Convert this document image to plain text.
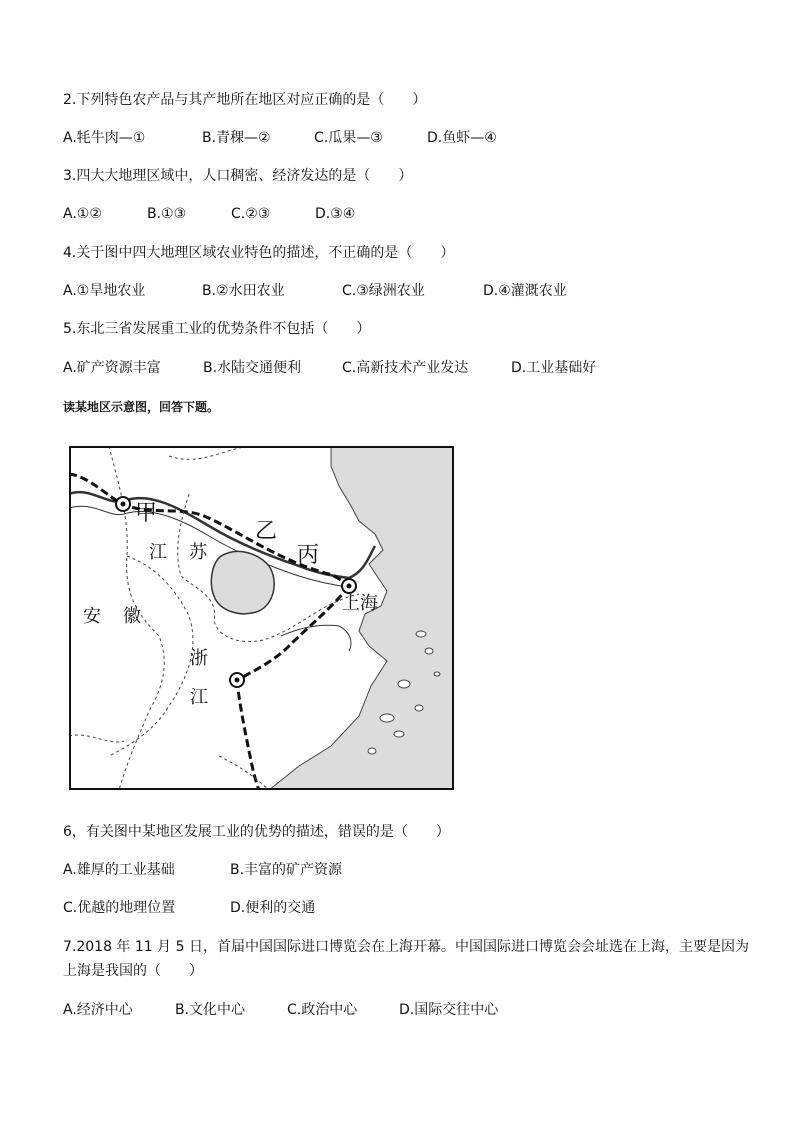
2.下列特色农产品与其产地所在地区对应正确的是（　　）
A.牦牛肉—①	B.青稞—②	C.瓜果—③	D.鱼虾—④
3.四大大地理区域中，人口稠密、经济发达的是（　　）
A.①②	B.①③	C.②③	D.③④
4.关于图中四大地理区域农业特色的描述，不正确的是（　　）
A.①旱地农业	B.②水田农业	C.③绿洲农业	D.④灌溉农业
5.东北三省发展重工业的优势条件不包括（　　）
A.矿产资源丰富	B.水陆交通便利	C.高新技术产业发达	D.工业基础好
读某地区示意图，回答下题。
甲
乙
丙
江 苏
安 徽
浙
江
上海
6，有关图中某地区发展工业的优势的描述，错误的是（　　）
A.雄厚的工业基础	B.丰富的矿产资源
C.优越的地理位置	D.便利的交通
7.2018 年 11 月 5 日，首届中国国际进口博览会在上海开幕。中国国际进口博览会会址选在上海，主要是因为
上海是我国的（　　）
A.经济中心	B.文化中心	C.政治中心	D.国际交往中心
